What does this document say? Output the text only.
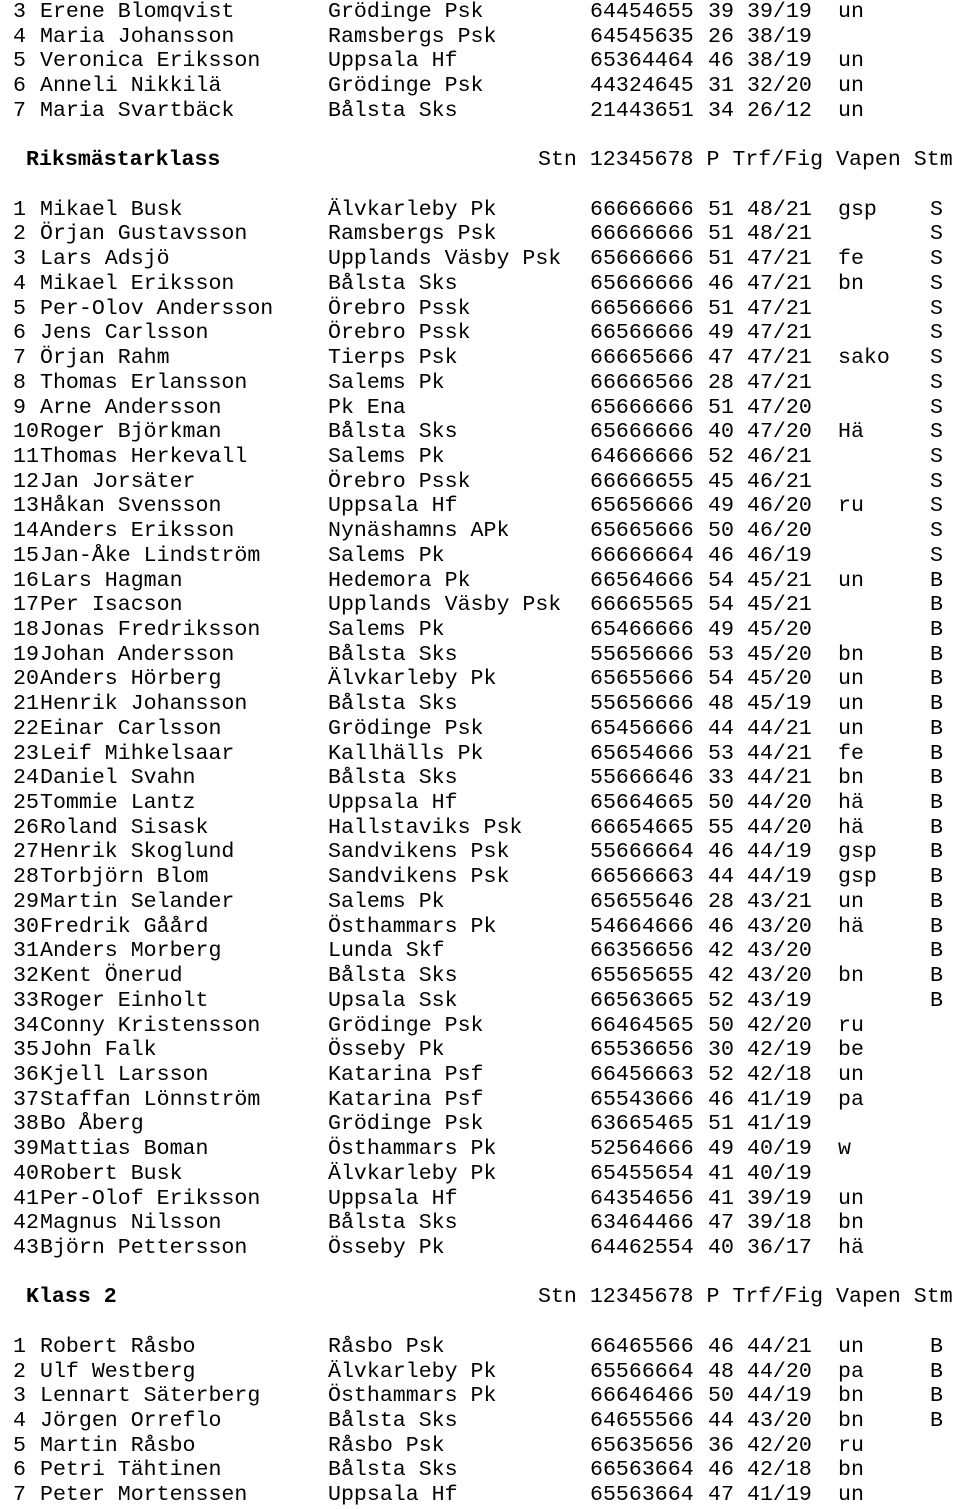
3 Erene Blomqvist	Grödinge Psk	64454655 39 39/19 un
4 Maria Johansson	Ramsbergs Psk	64545635 26 38/19
5 Veronica Eriksson	Uppsala Hf	65364464 46 38/19 un
6 Anneli Nikkilä	Grödinge Psk	44324645 31 32/20 un
7 Maria Svartbäck	Bålsta Sks	21443651 34 26/12 un
Riksmästarklass	Stn 12345678 P Trf/Fig Vapen Stm
1 Mikael Busk	Älvkarleby Pk	66666666 51 48/21 gsp S
2 Örjan Gustavsson	Ramsbergs Psk	66666666 51 48/21	S
3 Lars Adsjö	Upplands Väsby Psk 65666666 51 47/21 fe	S
4 Mikael Eriksson	Bålsta Sks	65666666 46 47/21 bn	S
5 Per-Olov Andersson	Örebro Pssk	66566666 51 47/21	S
6 Jens Carlsson	Örebro Pssk	66566666 49 47/21	S
7 Örjan Rahm	Tierps Psk	66665666 47 47/21 sako S
8 Thomas Erlansson	Salems Pk	66666566 28 47/21	S
9 Arne Andersson	Pk Ena	65666666 51 47/20	S
10 Roger Björkman	Bålsta Sks	65666666 40 47/20 Hä	S
11 Thomas Herkevall	Salems Pk	64666666 52 46/21	S
12 Jan Jorsäter	Örebro Pssk	66666655 45 46/21	S
13 Håkan Svensson	Uppsala Hf	65656666 49 46/20 ru	S
14 Anders Eriksson	Nynäshamns APk	65665666 50 46/20	S
15 Jan-Åke Lindström	Salems Pk	66666664 46 46/19	S
16 Lars Hagman	Hedemora Pk	66564666 54 45/21 un	B
17 Per Isacson	Upplands Väsby Psk 66665565 54 45/21	B
18 Jonas Fredriksson	Salems Pk	65466666 49 45/20	B
19 Johan Andersson	Bålsta Sks	55656666 53 45/20 bn	B
20 Anders Hörberg	Älvkarleby Pk	65655666 54 45/20 un	B
21 Henrik Johansson	Bålsta Sks	55656666 48 45/19 un	B
22 Einar Carlsson	Grödinge Psk	65456666 44 44/21 un	B
23 Leif Mihkelsaar	Kallhälls Pk	65654666 53 44/21 fe	B
24 Daniel Svahn	Bålsta Sks	55666646 33 44/21 bn	B
25 Tommie Lantz	Uppsala Hf	65664665 50 44/20 hä	B
26 Roland Sisask	Hallstaviks Psk	66654665 55 44/20 hä	B
27 Henrik Skoglund	Sandvikens Psk	55666664 46 44/19 gsp B
28 Torbjörn Blom	Sandvikens Psk	66566663 44 44/19 gsp B
29 Martin Selander	Salems Pk	65655646 28 43/21 un	B
30 Fredrik Gåård	Östhammars Pk	54664666 46 43/20 hä	B
31 Anders Morberg	Lunda Skf	66356656 42 43/20	B
32 Kent Önerud	Bålsta Sks	65565655 42 43/20 bn	B
33 Roger Einholt	Upsala Ssk	66563665 52 43/19	B
34 Conny Kristensson	Grödinge Psk	66464565 50 42/20 ru
35 John Falk	Össeby Pk	65536656 30 42/19 be
36 Kjell Larsson	Katarina Psf	66456663 52 42/18 un
37 Staffan Lönnström	Katarina Psf	65543666 46 41/19 pa
38 Bo Åberg	Grödinge Psk	63665465 51 41/19
39 Mattias Boman	Östhammars Pk	52564666 49 40/19 w
40 Robert Busk	Älvkarleby Pk	65455654 41 40/19
41 Per-Olof Eriksson	Uppsala Hf	64354656 41 39/19 un
42 Magnus Nilsson	Bålsta Sks	63464466 47 39/18 bn
43 Björn Pettersson	Össeby Pk	64462554 40 36/17 hä
Klass 2	Stn 12345678 P Trf/Fig Vapen Stm
1 Robert Råsbo	Råsbo Psk	66465566 46 44/21 un	B
2 Ulf Westberg	Älvkarleby Pk	65566664 48 44/20 pa	B
3 Lennart Säterberg	Östhammars Pk	66646466 50 44/19 bn	B
4 Jörgen Orreflo	Bålsta Sks	64655566 44 43/20 bn	B
5 Martin Råsbo	Råsbo Psk	65635656 36 42/20 ru
6 Petri Tähtinen	Bålsta Sks	66563664 46 42/18 bn
7 Peter Mortenssen	Uppsala Hf	65563664 47 41/19 un
